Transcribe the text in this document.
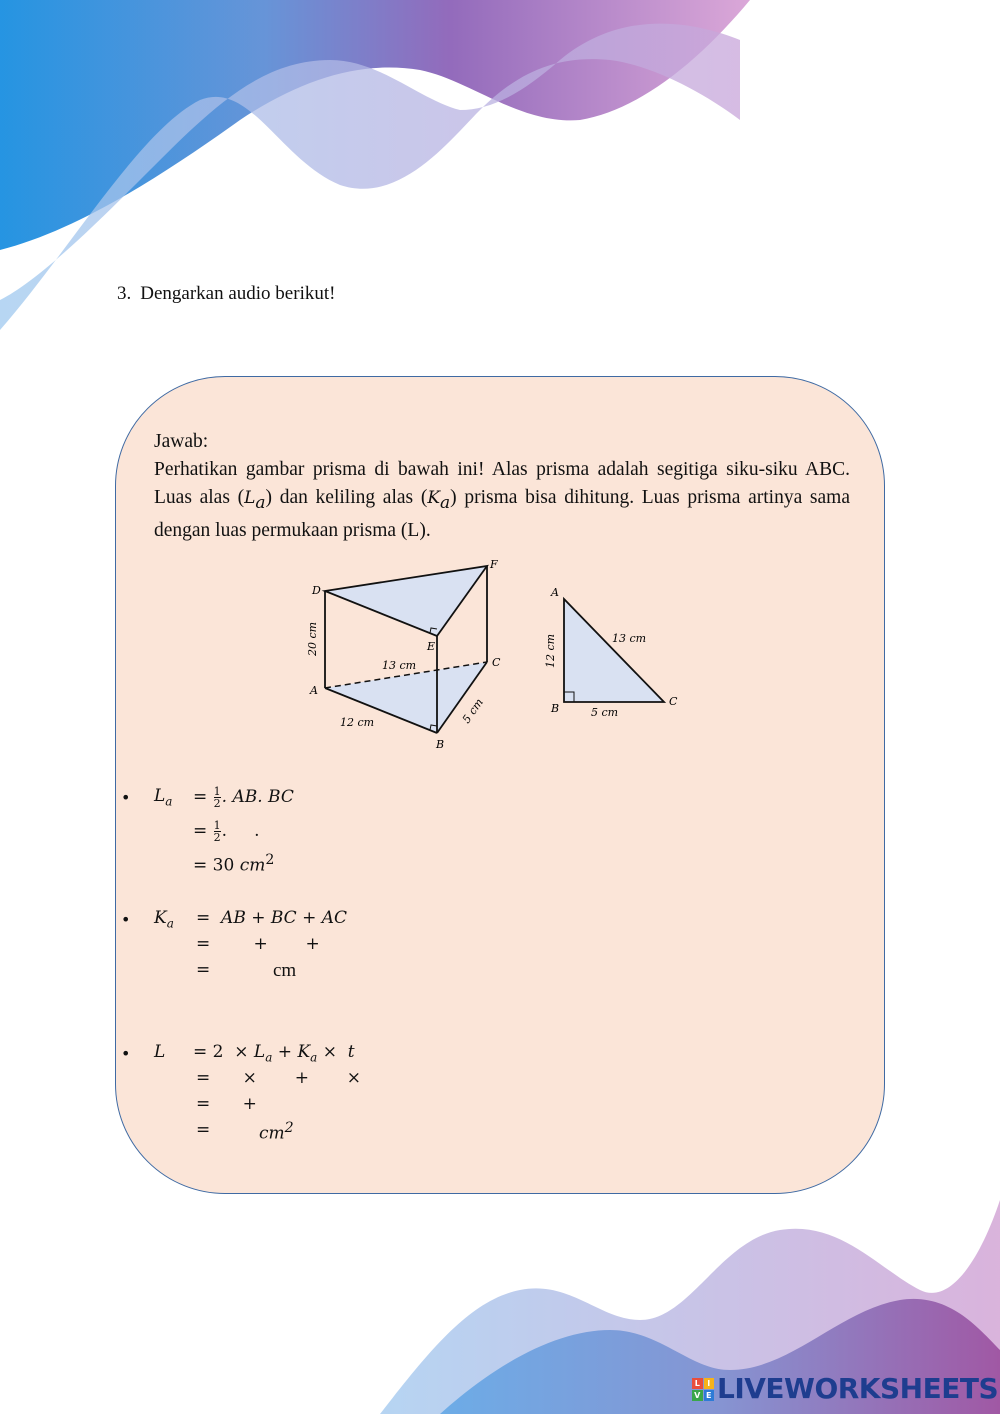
3. Dengarkan audio berikut!

Jawab:

Perhatikan gambar prisma di bawah ini! Alas prisma adalah segitiga siku-siku ABC. Luas alas $(L_a)$ dan keliling alas $(K_a)$ prisma bisa dihitung. Luas prisma artinya sama dengan luas permukaan prisma (L).

D
F
E
C
A
B
20 cm
13 cm
12 cm	5 cm
A
B
C
12 cm	13 cm
5 cm
• $L_a = \frac{1}{2}$ . AB. BC
= $\frac{1}{2}$ .     .
= 30 $cm^2$
• $K_a$ =  AB + BC + AC
=        +       +
=	cm
• $L = 2 \times L_a + K_a \times t$
=      ×       +       ×
=      +
=	$cm^2$
L I
V E LIVEWORKSHEETS
